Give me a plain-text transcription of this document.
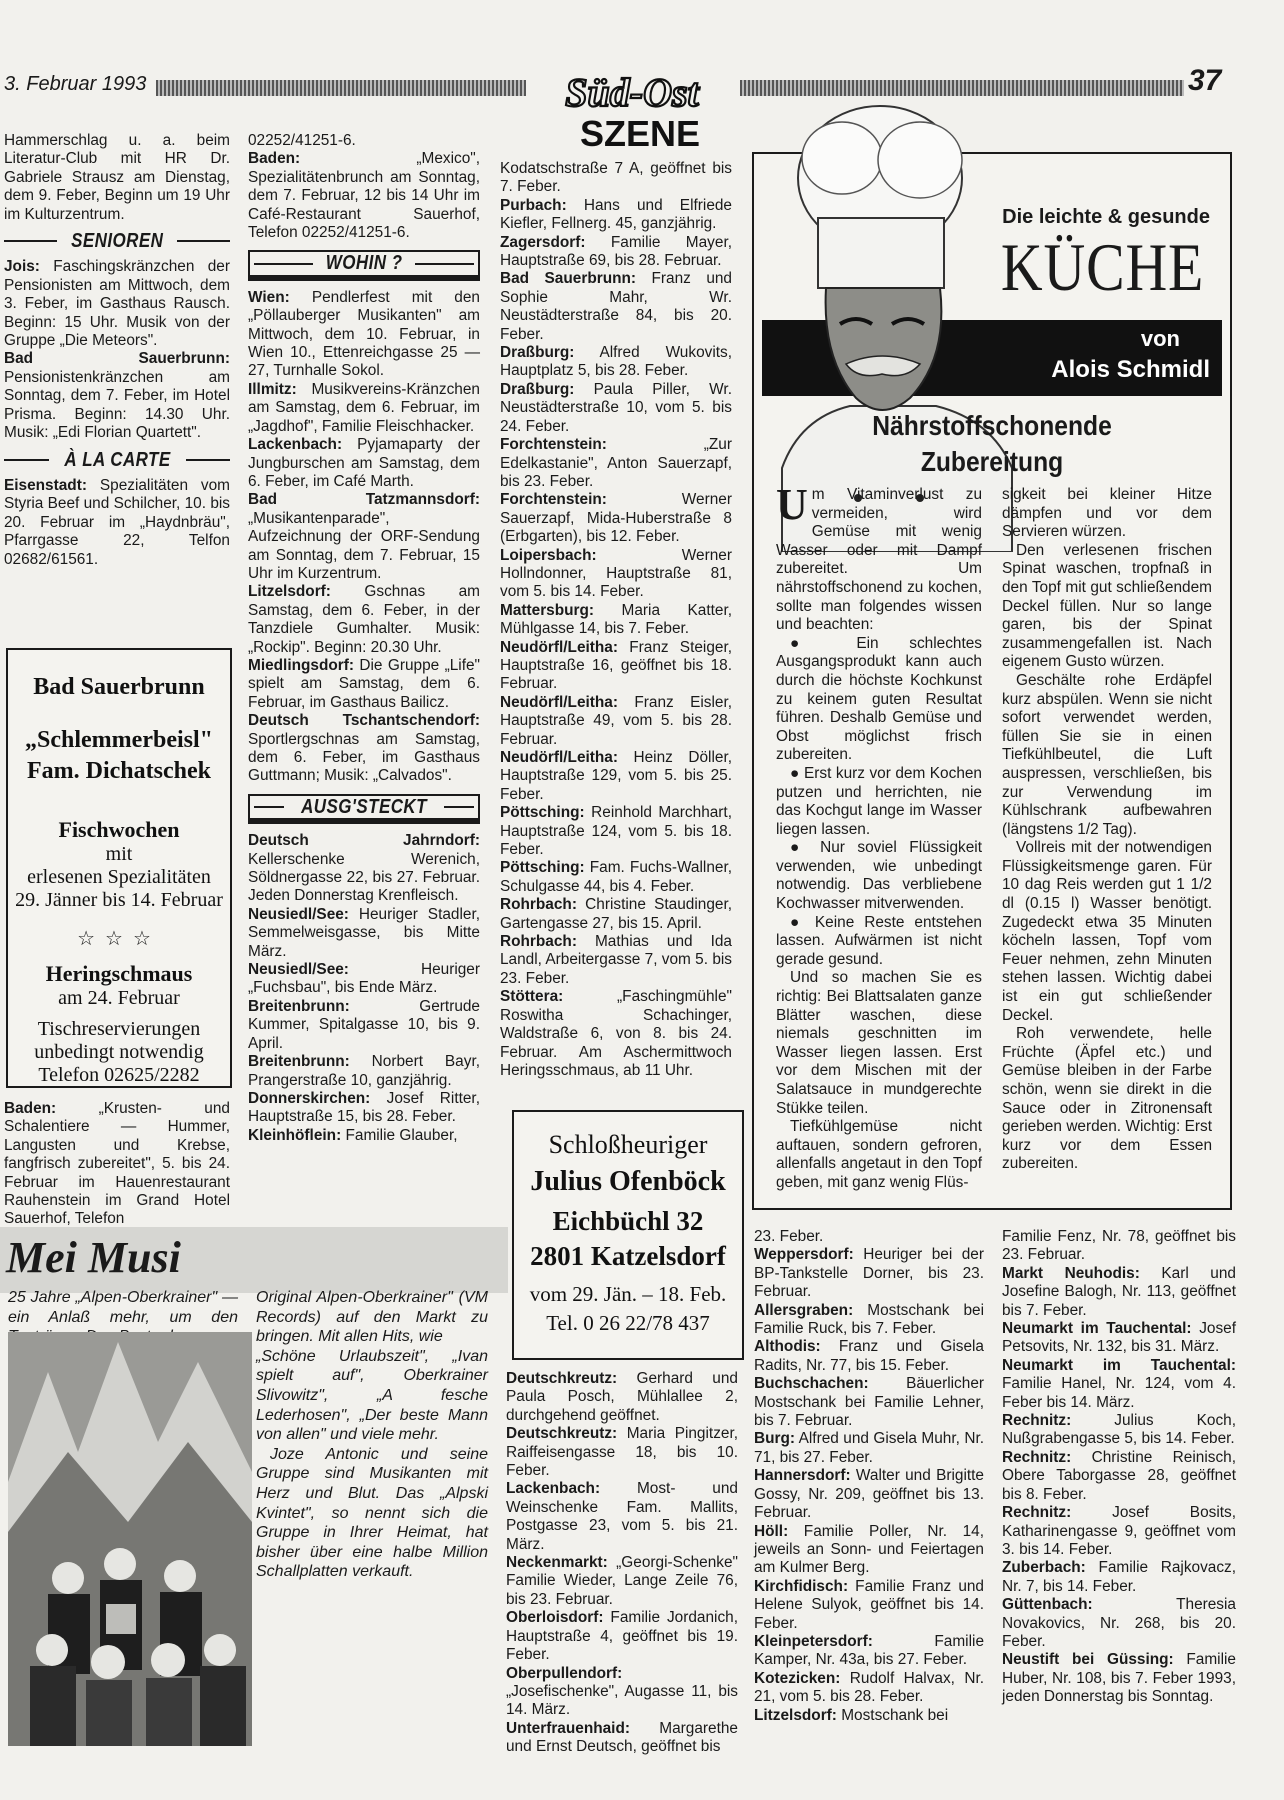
3. Februar 1993	37
Süd-Ost
SZENE

Hammerschlag u. a. beim Literatur-Club mit HR Dr. Gabriele Strausz am Dienstag, dem 9. Feber, Beginn um 19 Uhr im Kulturzentrum.

SENIOREN

Jois: Faschingskränzchen der Pensionisten am Mittwoch, dem 3. Feber, im Gasthaus Rausch. Beginn: 15 Uhr. Musik von der Gruppe „Die Meteors".

Bad Sauerbrunn: Pensionistenkränzchen am Sonntag, dem 7. Feber, im Hotel Prisma. Beginn: 14.30 Uhr. Musik: „Edi Florian Quartett".

À LA CARTE

Eisenstadt: Spezialitäten vom Styria Beef und Schilcher, 10. bis 20. Februar im „Haydnbräu", Pfarrgasse 22, Telfon 02682/61561.

Bad Sauerbrunn
„Schlemmerbeisl"
Fam. Dichatschek
Fischwochen
mit
erlesenen Spezialitäten
29. Jänner bis 14. Februar
☆☆☆
Heringschmaus
am 24. Februar
Tischreservierungen
unbedingt notwendig
Telefon 02625/2282

Baden: „Krusten- und Schalentiere — Hummer, Langusten und Krebse, fangfrisch zubereitet", 5. bis 24. Februar im Hauenrestaurant Rauhenstein im Grand Hotel Sauerhof, Telefon

02252/41251-6.

Baden: „Mexico", Spezialitätenbrunch am Sonntag, dem 7. Februar, 12 bis 14 Uhr im Café-Restaurant Sauerhof, Telefon 02252/41251-6.

WOHIN ?

Wien: Pendlerfest mit den „Pöllauberger Musikanten" am Mittwoch, dem 10. Februar, in Wien 10., Ettenreichgasse 25 — 27, Turnhalle Sokol.

Illmitz: Musikvereins-Kränzchen am Samstag, dem 6. Februar, im „Jagdhof", Familie Fleischhacker.

Lackenbach: Pyjamaparty der Jungburschen am Samstag, dem 6. Feber, im Café Marth.

Bad Tatzmannsdorf: „Musikantenparade", Aufzeichnung der ORF-Sendung am Sonntag, dem 7. Februar, 15 Uhr im Kurzentrum.

Litzelsdorf: Gschnas am Samstag, dem 6. Feber, in der Tanzdiele Gumhalter. Musik: „Rockip". Beginn: 20.30 Uhr.

Miedlingsdorf: Die Gruppe „Life" spielt am Samstag, dem 6. Februar, im Gasthaus Bailicz.

Deutsch Tschantschendorf: Sportlergschnas am Samstag, dem 6. Feber, im Gasthaus Guttmann; Musik: „Calvados".

AUSG'STECKT

Deutsch Jahrndorf: Kellerschenke Werenich, Söldnergasse 22, bis 27. Februar. Jeden Donnerstag Krenfleisch.

Neusiedl/See: Heuriger Stadler, Semmelweisgasse, bis Mitte März.

Neusiedl/See: Heuriger „Fuchsbau", bis Ende März.

Breitenbrunn: Gertrude Kummer, Spitalgasse 10, bis 9. April.

Breitenbrunn: Norbert Bayr, Prangerstraße 10, ganzjährig.

Donnerskirchen: Josef Ritter, Hauptstraße 15, bis 28. Feber.

Kleinhöflein: Familie Glauber,

Kodatschstraße 7 A, geöffnet bis 7. Feber.

Purbach: Hans und Elfriede Kiefler, Fellnerg. 45, ganzjährig.

Zagersdorf: Familie Mayer, Hauptstraße 69, bis 28. Februar.

Bad Sauerbrunn: Franz und Sophie Mahr, Wr. Neustädterstraße 84, bis 20. Feber.

Draßburg: Alfred Wukovits, Hauptplatz 5, bis 28. Feber.

Draßburg: Paula Piller, Wr. Neustädterstraße 10, vom 5. bis 24. Feber.

Forchtenstein: „Zur Edelkastanie", Anton Sauerzapf, bis 23. Feber.

Forchtenstein: Werner Sauerzapf, Mida-Huberstraße 8 (Erbgarten), bis 12. Feber.

Loipersbach: Werner Hollndonner, Hauptstraße 81, vom 5. bis 14. Feber.

Mattersburg: Maria Katter, Mühlgasse 14, bis 7. Feber.

Neudörfl/Leitha: Franz Steiger, Hauptstraße 16, geöffnet bis 18. Februar.

Neudörfl/Leitha: Franz Eisler, Hauptstraße 49, vom 5. bis 28. Februar.

Neudörfl/Leitha: Heinz Döller, Hauptstraße 129, vom 5. bis 25. Feber.

Pöttsching: Reinhold Marchhart, Hauptstraße 124, vom 5. bis 18. Feber.

Pöttsching: Fam. Fuchs-Wallner, Schulgasse 44, bis 4. Feber.

Rohrbach: Christine Staudinger, Gartengasse 27, bis 15. April.

Rohrbach: Mathias und Ida Landl, Arbeitergasse 7, vom 5. bis 23. Feber.

Stöttera: „Faschingmühle" Roswitha Schachinger, Waldstraße 6, von 8. bis 24. Februar. Am Aschermittwoch Heringsschmaus, ab 11 Uhr.

Schloßheuriger
Julius Ofenböck
Eichbüchl 32
2801 Katzelsdorf
vom 29. Jän. – 18. Feb.
Tel. 0 26 22/78 437

Deutschkreutz: Gerhard und Paula Posch, Mühlallee 2, durchgehend geöffnet.

Deutschkreutz: Maria Pingitzer, Raiffeisengasse 18, bis 10. Feber.

Lackenbach: Most- und Weinschenke Fam. Mallits, Postgasse 23, vom 5. bis 21. März.

Neckenmarkt: „Georgi-Schenke" Familie Wieder, Lange Zeile 76, bis 23. Februar.

Oberloisdorf: Familie Jordanich, Hauptstraße 4, geöffnet bis 19. Feber.

Oberpullendorf: „Josefischenke", Augasse 11, bis 14. März.

Unterfrauenhaid: Margarethe und Ernst Deutsch, geöffnet bis

Die leichte & gesunde
KÜCHE
von
Alois Schmidl
Nährstoffschonende
Zubereitung

Um Vitaminverlust zu vermeiden, wird Gemüse mit wenig Wasser oder mit Dampf zubereitet. Um nährstoffschonend zu kochen, sollte man folgendes wissen und beachten:

● Ein schlechtes Ausgangsprodukt kann auch durch die höchste Kochkunst zu keinem guten Resultat führen. Deshalb Gemüse und Obst möglichst frisch zubereiten.

● Erst kurz vor dem Kochen putzen und herrichten, nie das Kochgut lange im Wasser liegen lassen.

● Nur soviel Flüssigkeit verwenden, wie unbedingt notwendig. Das verbliebene Kochwasser mitverwenden.

● Keine Reste entstehen lassen. Aufwärmen ist nicht gerade gesund.

Und so machen Sie es richtig: Bei Blattsalaten ganze Blätter waschen, diese niemals geschnitten im Wasser liegen lassen. Erst vor dem Mischen mit der Salatsauce in mundgerechte Stükke teilen.

Tiefkühlgemüse nicht auftauen, sondern gefroren, allenfalls angetaut in den Topf geben, mit ganz wenig Flüs-

sigkeit bei kleiner Hitze dämpfen und vor dem Servieren würzen.

Den verlesenen frischen Spinat waschen, tropfnaß in den Topf mit gut schließendem Deckel füllen. Nur so lange garen, bis der Spinat zusammengefallen ist. Nach eigenem Gusto würzen.

Geschälte rohe Erdäpfel kurz abspülen. Wenn sie nicht sofort verwendet werden, füllen Sie sie in einen Tiefkühlbeutel, die Luft auspressen, verschließen, bis zur Verwendung im Kühlschrank aufbewahren (längstens 1/2 Tag).

Vollreis mit der notwendigen Flüssigkeitsmenge garen. Für 10 dag Reis werden gut 1 1/2 dl (0.15 l) Wasser benötigt. Zugedeckt etwa 35 Minuten köcheln lassen, Topf vom Feuer nehmen, zehn Minuten stehen lassen. Wichtig dabei ist ein gut schließender Deckel.

Roh verwendete, helle Früchte (Äpfel etc.) und Gemüse bleiben in der Farbe schön, wenn sie direkt in die Sauce oder in Zitronensaft gerieben werden. Wichtig: Erst kurz vor dem Essen zubereiten.

23. Feber.

Weppersdorf: Heuriger bei der BP-Tankstelle Dorner, bis 23. Februar.

Allersgraben: Mostschank bei Familie Ruck, bis 7. Feber.

Althodis: Franz und Gisela Radits, Nr. 77, bis 15. Feber.

Buchschachen: Bäuerlicher Mostschank bei Familie Lehner, bis 7. Februar.

Burg: Alfred und Gisela Muhr, Nr. 71, bis 27. Feber.

Hannersdorf: Walter und Brigitte Gossy, Nr. 209, geöffnet bis 13. Februar.

Höll: Familie Poller, Nr. 14, jeweils an Sonn- und Feiertagen am Kulmer Berg.

Kirchfidisch: Familie Franz und Helene Sulyok, geöffnet bis 14. Feber.

Kleinpetersdorf: Familie Kamper, Nr. 43a, bis 27. Feber.

Kotezicken: Rudolf Halvax, Nr. 21, vom 5. bis 28. Feber.

Litzelsdorf: Mostschank bei

Familie Fenz, Nr. 78, geöffnet bis 23. Februar.

Markt Neuhodis: Karl und Josefine Balogh, Nr. 113, geöffnet bis 7. Feber.

Neumarkt im Tauchental: Josef Petsovits, Nr. 132, bis 31. März.

Neumarkt im Tauchental: Familie Hanel, Nr. 124, vom 4. Feber bis 14. März.

Rechnitz: Julius Koch, Nußgrabengasse 5, bis 14. Feber.

Rechnitz: Christine Reinisch, Obere Taborgasse 28, geöffnet bis 8. Feber.

Rechnitz: Josef Bosits, Katharinengasse 9, geöffnet vom 3. bis 14. Feber.

Zuberbach: Familie Rajkovacz, Nr. 7, bis 14. Feber.

Güttenbach: Theresia Novakovics, Nr. 268, bis 20. Feber.

Neustift bei Güssing: Familie Huber, Nr. 108, bis 7. Feber 1993, jeden Donnerstag bis Sonntag.

Mei Musi

25 Jahre „Alpen-Oberkrainer" — ein Anlaß mehr, um den

Original Alpen-Oberkrainer" (VM Records) auf den Markt zu bringen. Mit allen Hits, wie

„Schöne Urlaubszeit", „Ivan spielt auf", Oberkrainer Slivowitz", „A fesche Lederhosen", „Der beste Mann von allen" und viele mehr.

Joze Antonic und seine Gruppe sind Musikanten mit Herz und Blut. Das „Alpski Kvintet", so nennt sich die Gruppe in Ihrer Heimat, hat bisher über eine halbe Million Schallplatten verkauft.
